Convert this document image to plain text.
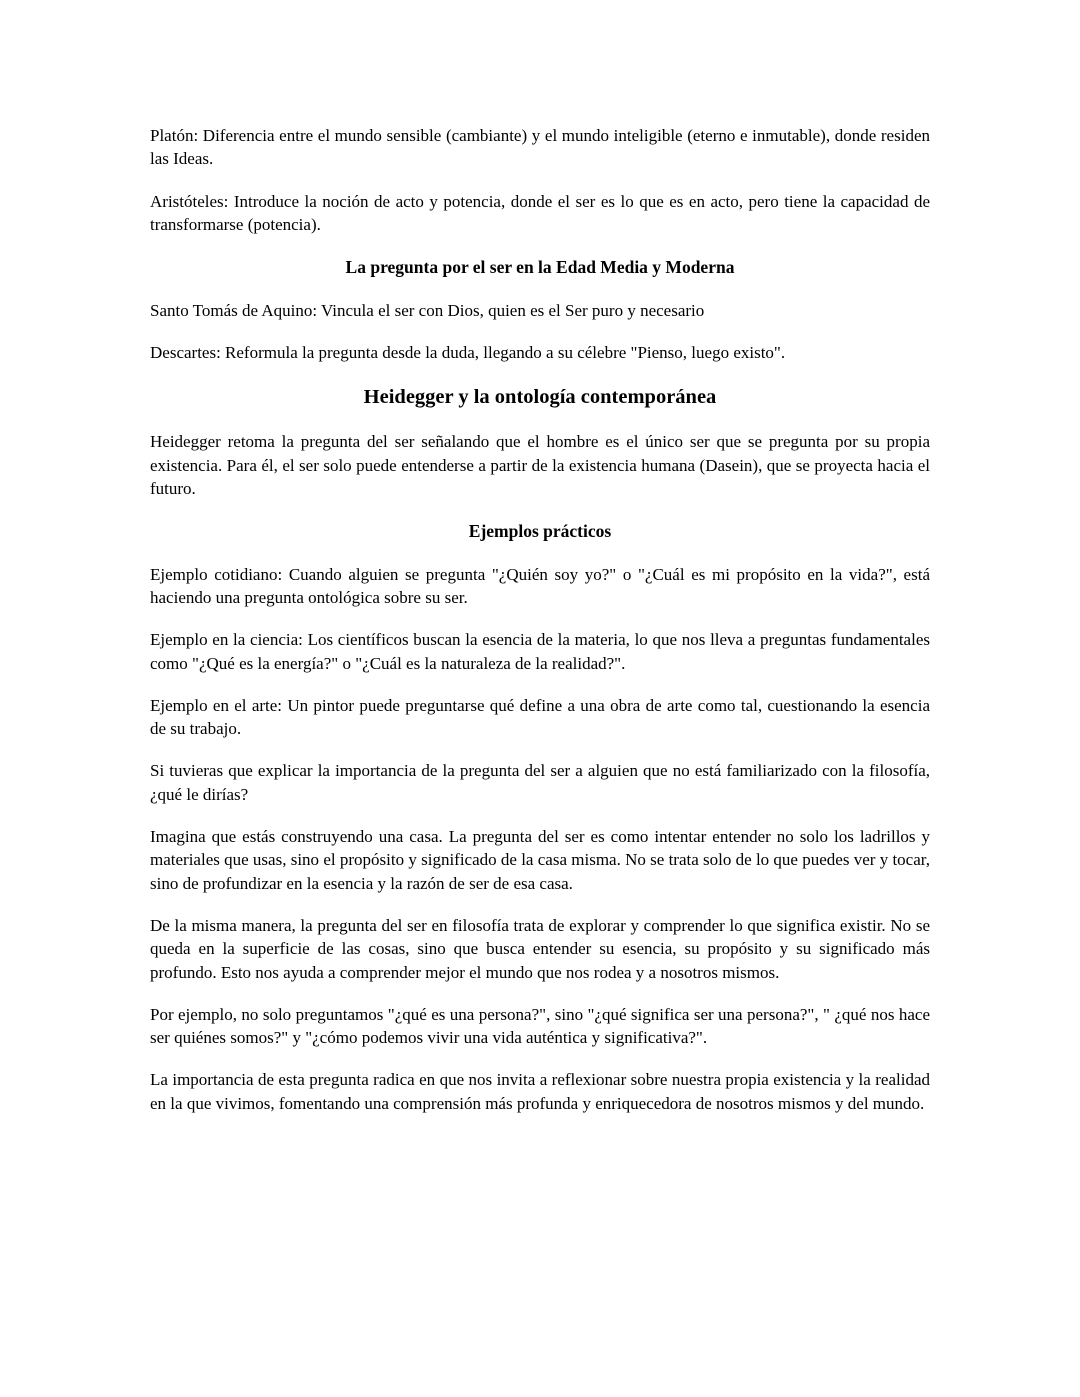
Platón: Diferencia entre el mundo sensible (cambiante) y el mundo inteligible (eterno e inmutable), donde residen las Ideas.

Aristóteles: Introduce la noción de acto y potencia, donde el ser es lo que es en acto, pero tiene la capacidad de transformarse (potencia).

La pregunta por el ser en la Edad Media y Moderna

Santo Tomás de Aquino: Vincula el ser con Dios, quien es el Ser puro y necesario

Descartes: Reformula la pregunta desde la duda, llegando a su célebre "Pienso, luego existo".

Heidegger y la ontología contemporánea

Heidegger retoma la pregunta del ser señalando que el hombre es el único ser que se pregunta por su propia existencia. Para él, el ser solo puede entenderse a partir de la existencia humana (Dasein), que se proyecta hacia el futuro.

Ejemplos prácticos

Ejemplo cotidiano: Cuando alguien se pregunta "¿Quién soy yo?" o "¿Cuál es mi propósito en la vida?", está haciendo una pregunta ontológica sobre su ser.

Ejemplo en la ciencia: Los científicos buscan la esencia de la materia, lo que nos lleva a preguntas fundamentales como "¿Qué es la energía?" o "¿Cuál es la naturaleza de la realidad?".

Ejemplo en el arte: Un pintor puede preguntarse qué define a una obra de arte como tal, cuestionando la esencia de su trabajo.

Si tuvieras que explicar la importancia de la pregunta del ser a alguien que no está familiarizado con la filosofía, ¿qué le dirías?

Imagina que estás construyendo una casa. La pregunta del ser es como intentar entender no solo los ladrillos y materiales que usas, sino el propósito y significado de la casa misma. No se trata solo de lo que puedes ver y tocar, sino de profundizar en la esencia y la razón de ser de esa casa.

De la misma manera, la pregunta del ser en filosofía trata de explorar y comprender lo que significa existir. No se queda en la superficie de las cosas, sino que busca entender su esencia, su propósito y su significado más profundo. Esto nos ayuda a comprender mejor el mundo que nos rodea y a nosotros mismos.

Por ejemplo, no solo preguntamos "¿qué es una persona?", sino "¿qué significa ser una persona?", " ¿qué nos hace ser quiénes somos?" y "¿cómo podemos vivir una vida auténtica y significativa?".

La importancia de esta pregunta radica en que nos invita a reflexionar sobre nuestra propia existencia y la realidad en la que vivimos, fomentando una comprensión más profunda y enriquecedora de nosotros mismos y del mundo.
